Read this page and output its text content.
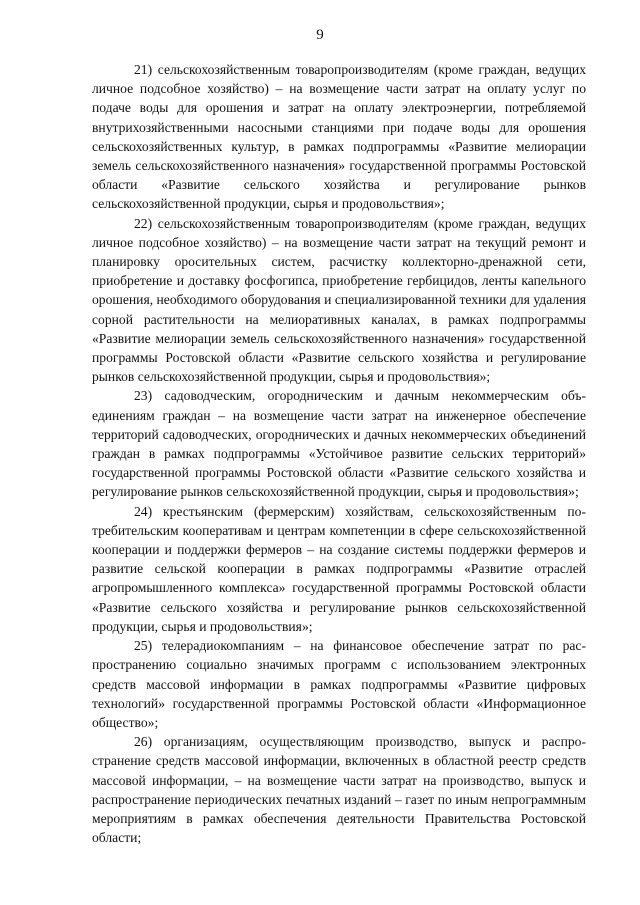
9

21) сельскохозяйственным товаропроизводителям (кроме граждан, ведущих личное подсобное хозяйство) – на возмещение части затрат на оплату услуг по подаче воды для орошения и затрат на оплату электроэнергии, потребляемой внутрихозяйственными насосными станциями при подаче воды для орошения сельскохозяйственных культур, в рамках подпрограммы «Развитие мелиорации земель сельскохозяйственного назначения» государственной программы Ростовской области «Развитие сельского хозяйства и регулирование рынков сельскохозяйственной продукции, сырья и продовольствия»;

22) сельскохозяйственным товаропроизводителям (кроме граждан, ведущих личное подсобное хозяйство) – на возмещение части затрат на текущий ремонт и планировку оросительных систем, расчистку коллекторно-дренажной сети, приобретение и доставку фосфогипса, приобретение гербицидов, ленты капельного орошения, необходимого оборудования и специализированной техники для удаления сорной растительности на мелиоративных каналах, в рамках подпрограммы «Развитие мелиорации земель сельскохозяйственного назначения» государственной программы Ростовской области «Развитие сельского хозяйства и регулирование рынков сельскохозяйственной продукции, сырья и продовольствия»;

23) садоводческим, огородническим и дачным некоммерческим объединениям граждан – на возмещение части затрат на инженерное обеспечение территорий садоводческих, огороднических и дачных некоммерческих объединений граждан в рамках подпрограммы «Устойчивое развитие сельских территорий» государственной программы Ростовской области «Развитие сельского хозяйства и регулирование рынков сельскохозяйственной продукции, сырья и продовольствия»;

24) крестьянским (фермерским) хозяйствам, сельскохозяйственным потребительским кооперативам и центрам компетенции в сфере сельскохозяйственной кооперации и поддержки фермеров – на создание системы поддержки фермеров и развитие сельской кооперации в рамках подпрограммы «Развитие отраслей агропромышленного комплекса» государственной программы Ростовской области «Развитие сельского хозяйства и регулирование рынков сельскохозяйственной продукции, сырья и продовольствия»;

25) телерадиокомпаниям – на финансовое обеспечение затрат по распространению социально значимых программ с использованием электронных средств массовой информации в рамках подпрограммы «Развитие цифровых технологий» государственной программы Ростовской области «Информационное общество»;

26) организациям, осуществляющим производство, выпуск и распространение средств массовой информации, включенных в областной реестр средств массовой информации, – на возмещение части затрат на производство, выпуск и распространение периодических печатных изданий – газет по иным непрограммным мероприятиям в рамках обеспечения деятельности Правительства Ростовской области;
